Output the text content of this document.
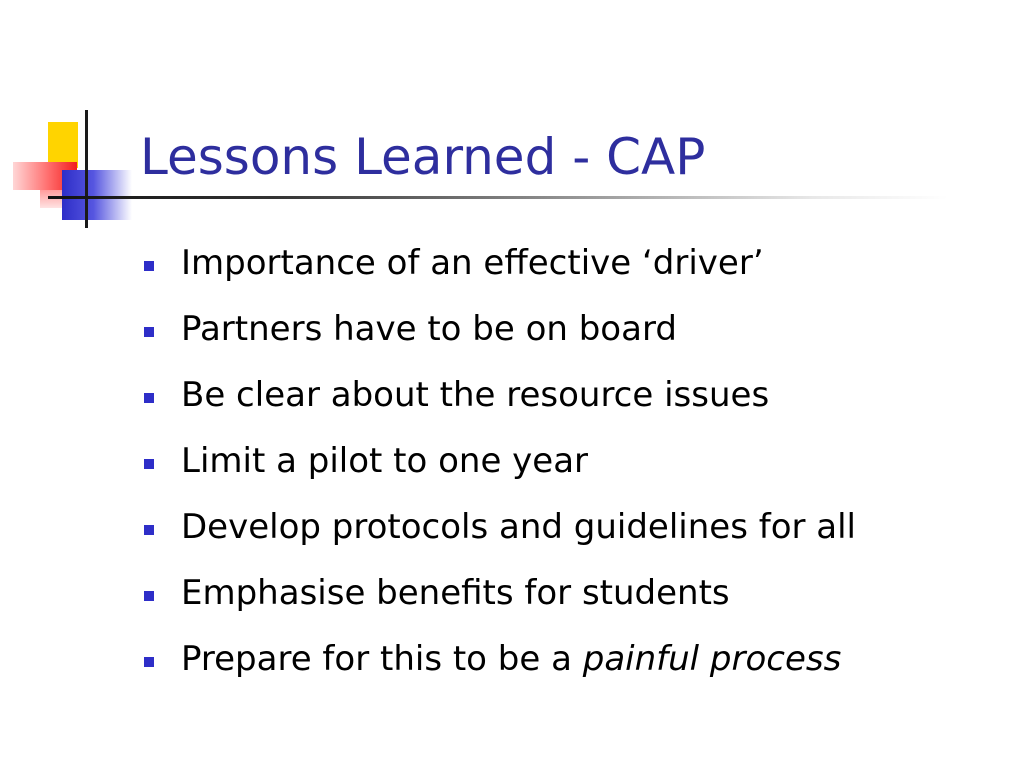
Lessons Learned - CAP
Importance of an effective ‘driver’
Partners have to be on board
Be clear about the resource issues
Limit a pilot to one year
Develop protocols and guidelines for all
Emphasise benefits for students
Prepare for this to be a painful process
